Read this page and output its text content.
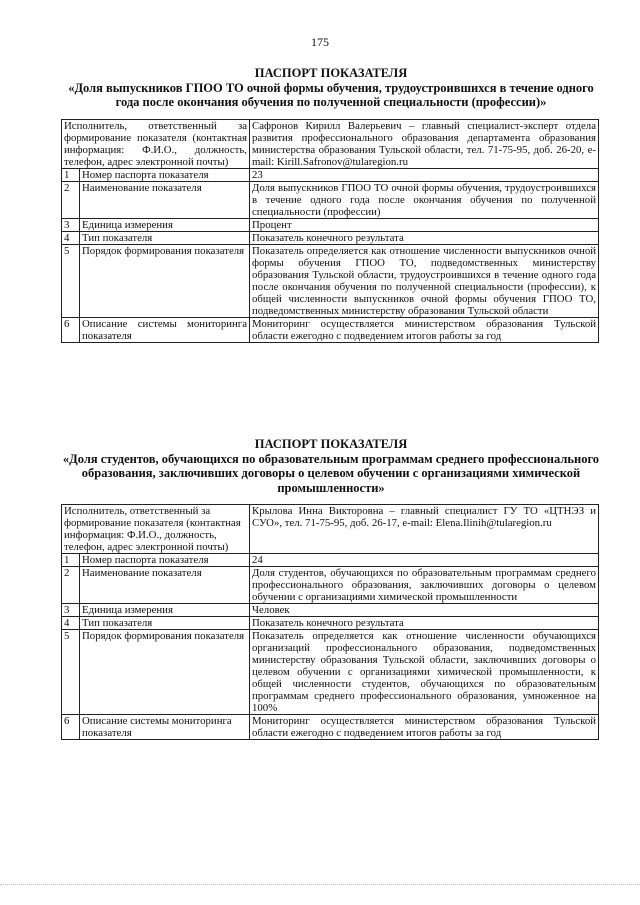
175
ПАСПОРТ ПОКАЗАТЕЛЯ
«Доля выпускников ГПОО ТО очной формы обучения, трудоустроившихся в течение одного года после окончания обучения по полученной специальности (профессии)»
Исполнитель, ответственный за формирование показателя (контактная информация: Ф.И.О., должность, телефон, адрес электронной почты)		Сафронов Кирилл Валерьевич – главный специалист-эксперт отдела развития профессионального образования департамента образования министерства образования Тульской области, тел. 71-75-95, доб. 26-20, e-mail: Kirill.Safronov@tularegion.ru
1	Номер паспорта показателя	23
2	Наименование показателя	Доля выпускников ГПОО ТО очной формы обучения, трудоустроившихся в течение одного года после окончания обучения по полученной специальности (профессии)
3	Единица измерения	Процент
4	Тип показателя	Показатель конечного результата
5	Порядок формирования показателя	Показатель определяется как отношение численности выпускников очной формы обучения ГПОО ТО, подведомственных министерству образования Тульской области, трудоустроившихся в течение одного года после окончания обучения по полученной специальности (профессии), к общей численности выпускников очной формы обучения ГПОО ТО, подведомственных министерству образования Тульской области
6	Описание системы мониторинга показателя	Мониторинг осуществляется министерством образования Тульской области ежегодно с подведением итогов работы за год
ПАСПОРТ ПОКАЗАТЕЛЯ
«Доля студентов, обучающихся по образовательным программам среднего профессионального образования, заключивших договоры о целевом обучении с организациями химической промышленности»
Исполнитель, ответственный за формирование показателя (контактная информация: Ф.И.О., должность, телефон, адрес электронной почты)		Крылова Инна Викторовна – главный специалист ГУ ТО «ЦТНЭЗ и СУО», тел. 71-75-95, доб. 26-17, e-mail: Elena.Ilinih@tularegion.ru
1	Номер паспорта показателя	24
2	Наименование показателя	Доля студентов, обучающихся по образовательным программам среднего профессионального образования, заключивших договоры о целевом обучении с организациями химической промышленности
3	Единица измерения	Человек
4	Тип показателя	Показатель конечного результата
5	Порядок формирования показателя	Показатель определяется как отношение численности обучающихся организаций профессионального образования, подведомственных министерству образования Тульской области, заключивших договоры о целевом обучении с организациями химической промышленности, к общей численности студентов, обучающихся по образовательным программам среднего профессионального образования, умноженное на 100%
6	Описание системы мониторинга показателя	Мониторинг осуществляется министерством образования Тульской области ежегодно с подведением итогов работы за год
